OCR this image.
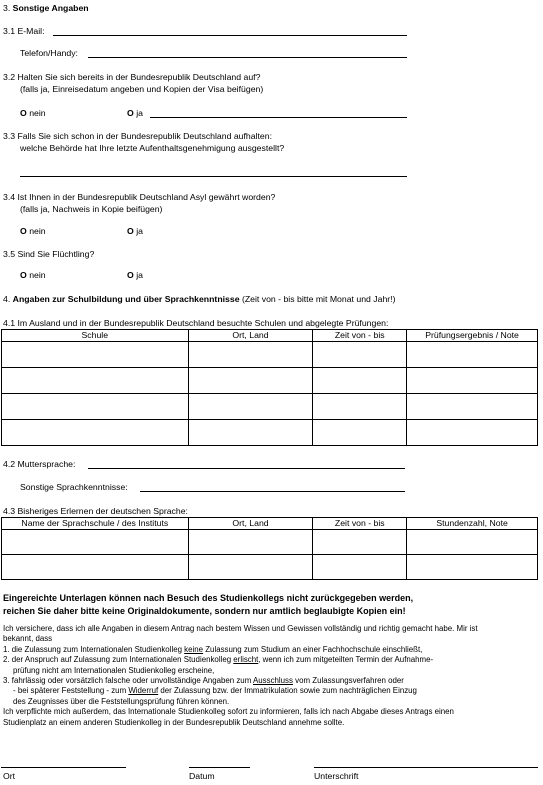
3. Sonstige Angaben
3.1 E-Mail:
Telefon/Handy:
3.2 Halten Sie sich bereits in der Bundesrepublik Deutschland auf?
(falls ja, Einreisedatum angeben und Kopien der Visa beifügen)
O nein	O ja
3.3 Falls Sie sich schon in der Bundesrepublik Deutschland aufhalten:
welche Behörde hat Ihre letzte Aufenthaltsgenehmigung ausgestellt?
3.4 Ist Ihnen in der Bundesrepublik Deutschland Asyl gewährt worden?
(falls ja, Nachweis in Kopie beifügen)
O nein	O ja
3.5 Sind Sie Flüchtling?
O nein	O ja
4. Angaben zur Schulbildung und über Sprachkenntnisse (Zeit von - bis bitte mit Monat und Jahr!)
4.1 Im Ausland und in der Bundesrepublik Deutschland besuchte Schulen und abgelegte Prüfungen:
Schule	Ort, Land	Zeit von - bis	Prüfungsergebnis / Note

4.2 Muttersprache:
Sonstige Sprachkenntnisse:
4.3 Bisheriges Erlernen der deutschen Sprache:
Name der Sprachschule / des Instituts	Ort, Land	Zeit von - bis	Stundenzahl, Note

Eingereichte Unterlagen können nach Besuch des Studienkollegs nicht zurückgegeben werden,
reichen Sie daher bitte keine Originaldokumente, sondern nur amtlich beglaubigte Kopien ein!
Ich versichere, dass ich alle Angaben in diesem Antrag nach bestem Wissen und Gewissen vollständig und richtig gemacht habe. Mir ist
bekannt, dass
1. die Zulassung zum Internationalen Studienkolleg keine Zulassung zum Studium an einer Fachhochschule einschließt,
2. der Anspruch auf Zulassung zum Internationalen Studienkolleg erlischt, wenn ich zum mitgeteilten Termin der Aufnahme-
prüfung nicht am Internationalen Studienkolleg erscheine,
3. fahrlässig oder vorsätzlich falsche oder unvollständige Angaben zum Ausschluss vom Zulassungsverfahren oder
- bei späterer Feststellung - zum Widerruf der Zulassung bzw. der Immatrikulation sowie zum nachträglichen Einzug
des Zeugnisses über die Feststellungsprüfung führen können.
Ich verpflichte mich außerdem, das Internationale Studienkolleg sofort zu informieren, falls ich nach Abgabe dieses Antrags einen
Studienplatz an einem anderen Studienkolleg in der Bundesrepublik Deutschland annehme sollte.
Ort	Datum	Unterschrift
